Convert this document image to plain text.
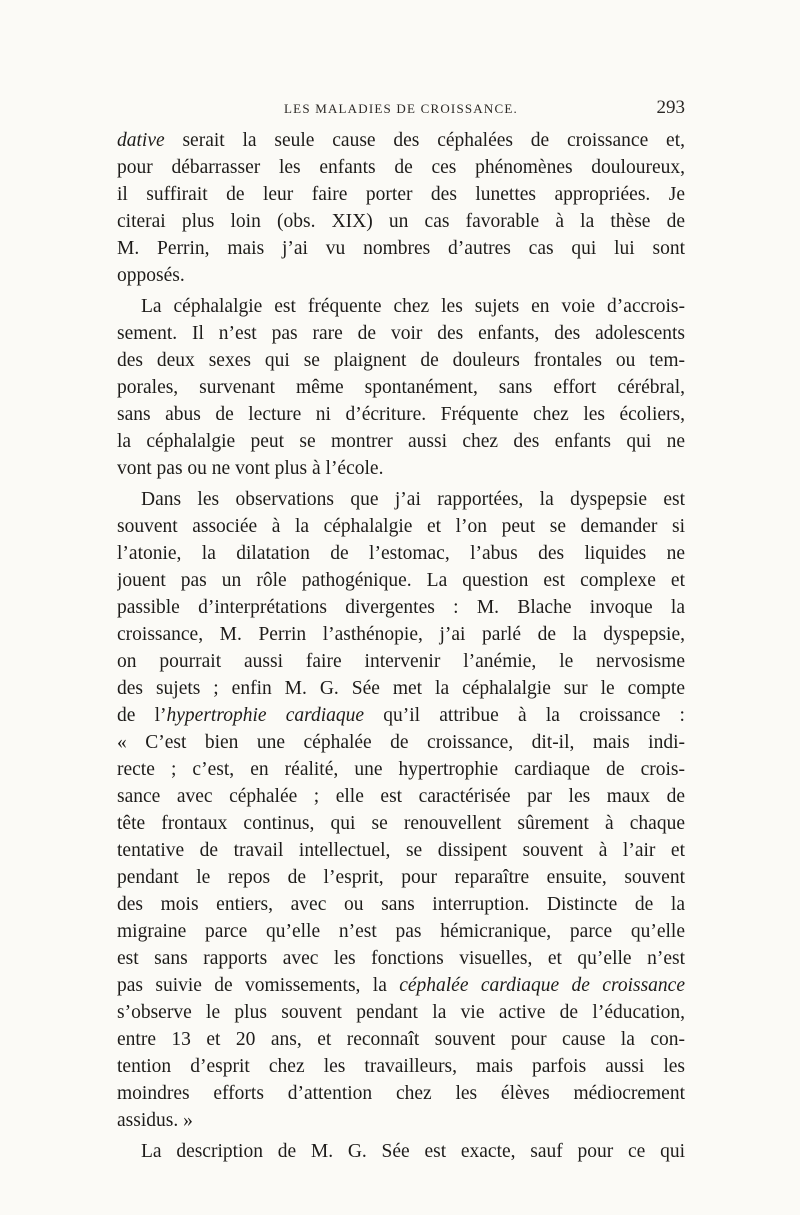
LES MALADIES DE CROISSANCE.	293
dative serait la seule cause des céphalées de croissance et,
pour débarrasser les enfants de ces phénomènes douloureux,
il suffirait de leur faire porter des lunettes appropriées. Je
citerai plus loin (obs. XIX) un cas favorable à la thèse de
M. Perrin, mais j’ai vu nombres d’autres cas qui lui sont
opposés.
La céphalalgie est fréquente chez les sujets en voie d’accrois-
sement. Il n’est pas rare de voir des enfants, des adolescents
des deux sexes qui se plaignent de douleurs frontales ou tem-
porales, survenant même spontanément, sans effort cérébral,
sans abus de lecture ni d’écriture. Fréquente chez les écoliers,
la céphalalgie peut se montrer aussi chez des enfants qui ne
vont pas ou ne vont plus à l’école.
Dans les observations que j’ai rapportées, la dyspepsie est
souvent associée à la céphalalgie et l’on peut se demander si
l’atonie, la dilatation de l’estomac, l’abus des liquides ne
jouent pas un rôle pathogénique. La question est complexe et
passible d’interprétations divergentes : M. Blache invoque la
croissance, M. Perrin l’asthénopie, j’ai parlé de la dyspepsie,
on pourrait aussi faire intervenir l’anémie, le nervosisme
des sujets ; enfin M. G. Sée met la céphalalgie sur le compte
de l’hypertrophie cardiaque qu’il attribue à la croissance :
« C’est bien une céphalée de croissance, dit-il, mais indi-
recte ; c’est, en réalité, une hypertrophie cardiaque de crois-
sance avec céphalée ; elle est caractérisée par les maux de
tête frontaux continus, qui se renouvellent sûrement à chaque
tentative de travail intellectuel, se dissipent souvent à l’air et
pendant le repos de l’esprit, pour reparaître ensuite, souvent
des mois entiers, avec ou sans interruption. Distincte de la
migraine parce qu’elle n’est pas hémicranique, parce qu’elle
est sans rapports avec les fonctions visuelles, et qu’elle n’est
pas suivie de vomissements, la céphalée cardiaque de croissance
s’observe le plus souvent pendant la vie active de l’éducation,
entre 13 et 20 ans, et reconnaît souvent pour cause la con-
tention d’esprit chez les travailleurs, mais parfois aussi les
moindres efforts d’attention chez les élèves médiocrement
assidus. »
La description de M. G. Sée est exacte, sauf pour ce qui
